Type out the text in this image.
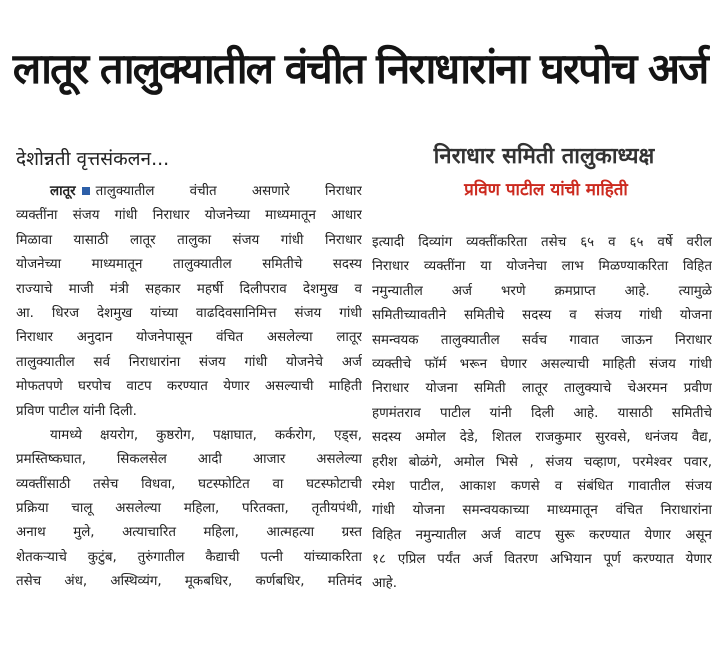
लातूर तालुक्यातील वंचीत निराधारांना घरपोच अर्ज
देशोन्नती वृत्तसंकलन...	निराधार समिती तालुकाध्यक्ष
प्रविण पाटील यांची माहिती
लातूर तालुक्यातील वंचीत असणारे निराधार
व्यक्तींना संजय गांधी निराधार योजनेच्या माध्यमातून आधार
मिळावा यासाठी लातूर तालुका संजय गांधी निराधार
योजनेच्या माध्यमातून तालुक्यातील समितीचे सदस्य
राज्याचे माजी मंत्री सहकार महर्षी दिलीपराव देशमुख व
आ. धिरज देशमुख यांच्या वाढदिवसानिमित्त संजय गांधी
निराधार अनुदान योजनेपासून वंचित असलेल्या लातूर
तालुक्यातील सर्व निराधारांना संजय गांधी योजनेचे अर्ज
मोफतपणे घरपोच वाटप करण्यात येणार असल्याची माहिती
प्रविण पाटील यांनी दिली.
यामध्ये क्षयरोग, कुष्ठरोग, पक्षाघात, कर्करोग, एड्स,
प्रमस्तिष्कघात, सिकलसेल आदी आजार असलेल्या
व्यक्तींसाठी तसेच विधवा, घटस्फोटित वा घटस्फोटाची
प्रक्रिया चालू असलेल्या महिला, परितक्ता, तृतीयपंथी,
अनाथ मुले, अत्याचारित महिला, आत्महत्या ग्रस्त
शेतकऱ्याचे कुटुंब, तुरुंगातील कैद्याची पत्नी यांच्याकरिता
तसेच अंध, अस्थिव्यंग, मूकबधिर, कर्णबधिर, मतिमंद
इत्यादी दिव्यांग व्यक्तींकरिता तसेच ६५ व ६५ वर्षे वरील
निराधार व्यक्तींना या योजनेचा लाभ मिळण्याकरिता विहित
नमुन्यातील अर्ज भरणे क्रमप्राप्त आहे. त्यामुळे
समितीच्यावतीने समितीचे सदस्य व संजय गांधी योजना
समन्वयक तालुक्यातील सर्वच गावात जाऊन निराधार
व्यक्तीचे फॉर्म भरून घेणार असल्याची माहिती संजय गांधी
निराधार योजना समिती लातूर तालुक्याचे चेअरमन प्रवीण
हणमंतराव पाटील यांनी दिली आहे. यासाठी समितीचे
सदस्य अमोल देडे, शितल राजकुमार सुरवसे, धनंजय वैद्य,
हरीश बोळंगे, अमोल भिसे , संजय चव्हाण, परमेश्वर पवार,
रमेश पाटील, आकाश कणसे व संबंधित गावातील संजय
गांधी योजना समन्वयकाच्या माध्यमातून वंचित निराधारांना
विहित नमुन्यातील अर्ज वाटप सुरू करण्यात येणार असून
१८ एप्रिल पर्यंत अर्ज वितरण अभियान पूर्ण करण्यात येणार
आहे.
